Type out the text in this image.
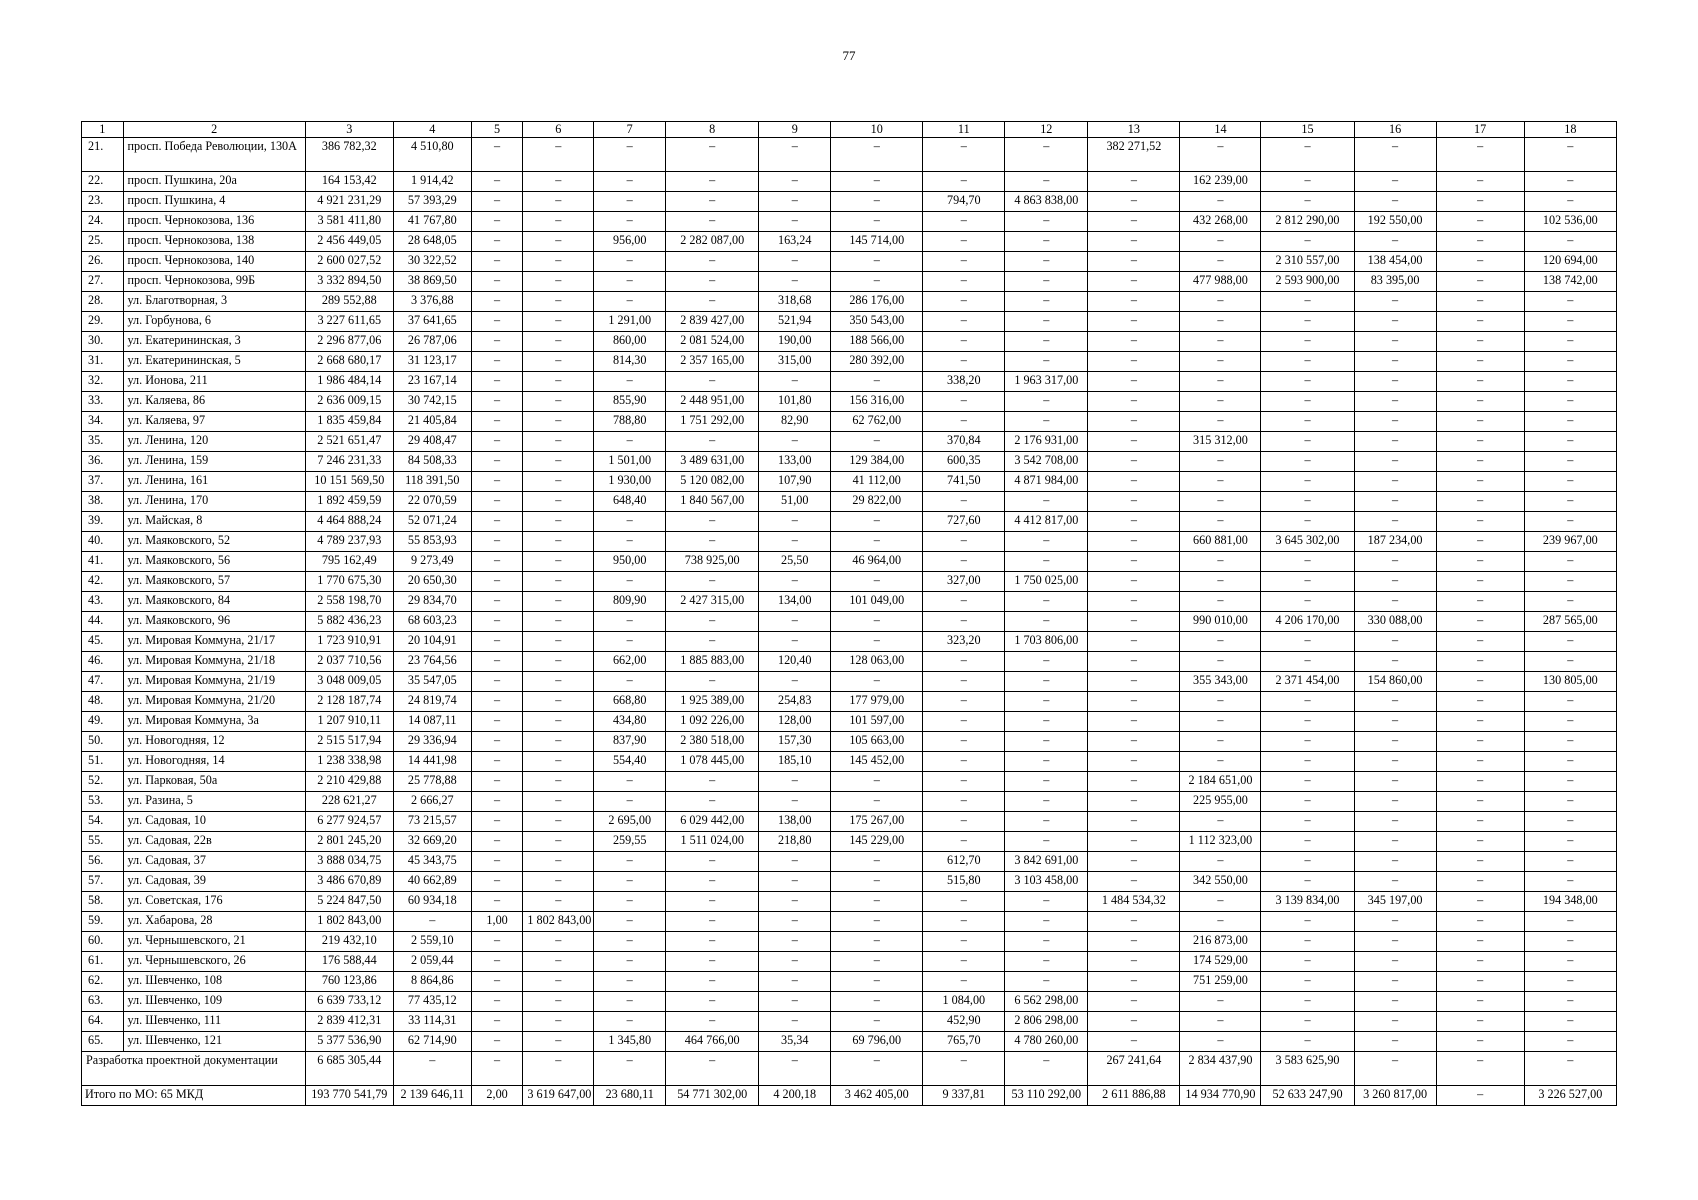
77
1	2	3	4	5	6	7	8	9	10	11	12	13	14	15	16	17	18
21.	просп. Победа Революции, 130А	386 782,32	4 510,80	–	–	–	–	–	–	–	–	382 271,52	–	–	–	–	–
22.	просп. Пушкина, 20а	164 153,42	1 914,42	–	–	–	–	–	–	–	–	–	162 239,00	–	–	–	–
23.	просп. Пушкина, 4	4 921 231,29	57 393,29	–	–	–	–	–	–	794,70	4 863 838,00	–	–	–	–	–	–
24.	просп. Чернокозова, 136	3 581 411,80	41 767,80	–	–	–	–	–	–	–	–	–	432 268,00	2 812 290,00	192 550,00	–	102 536,00
25.	просп. Чернокозова, 138	2 456 449,05	28 648,05	–	–	956,00	2 282 087,00	163,24	145 714,00	–	–	–	–	–	–	–	–
26.	просп. Чернокозова, 140	2 600 027,52	30 322,52	–	–	–	–	–	–	–	–	–	–	2 310 557,00	138 454,00	–	120 694,00
27.	просп. Чернокозова, 99Б	3 332 894,50	38 869,50	–	–	–	–	–	–	–	–	–	477 988,00	2 593 900,00	83 395,00	–	138 742,00
28.	ул. Благотворная, 3	289 552,88	3 376,88	–	–	–	–	318,68	286 176,00	–	–	–	–	–	–	–	–
29.	ул. Горбунова, 6	3 227 611,65	37 641,65	–	–	1 291,00	2 839 427,00	521,94	350 543,00	–	–	–	–	–	–	–	–
30.	ул. Екатерининская, 3	2 296 877,06	26 787,06	–	–	860,00	2 081 524,00	190,00	188 566,00	–	–	–	–	–	–	–	–
31.	ул. Екатерининская, 5	2 668 680,17	31 123,17	–	–	814,30	2 357 165,00	315,00	280 392,00	–	–	–	–	–	–	–	–
32.	ул. Ионова, 211	1 986 484,14	23 167,14	–	–	–	–	–	–	338,20	1 963 317,00	–	–	–	–	–	–
33.	ул. Каляева, 86	2 636 009,15	30 742,15	–	–	855,90	2 448 951,00	101,80	156 316,00	–	–	–	–	–	–	–	–
34.	ул. Каляева, 97	1 835 459,84	21 405,84	–	–	788,80	1 751 292,00	82,90	62 762,00	–	–	–	–	–	–	–	–
35.	ул. Ленина, 120	2 521 651,47	29 408,47	–	–	–	–	–	–	370,84	2 176 931,00	–	315 312,00	–	–	–	–
36.	ул. Ленина, 159	7 246 231,33	84 508,33	–	–	1 501,00	3 489 631,00	133,00	129 384,00	600,35	3 542 708,00	–	–	–	–	–	–
37.	ул. Ленина, 161	10 151 569,50	118 391,50	–	–	1 930,00	5 120 082,00	107,90	41 112,00	741,50	4 871 984,00	–	–	–	–	–	–
38.	ул. Ленина, 170	1 892 459,59	22 070,59	–	–	648,40	1 840 567,00	51,00	29 822,00	–	–	–	–	–	–	–	–
39.	ул. Майская, 8	4 464 888,24	52 071,24	–	–	–	–	–	–	727,60	4 412 817,00	–	–	–	–	–	–
40.	ул. Маяковского, 52	4 789 237,93	55 853,93	–	–	–	–	–	–	–	–	–	660 881,00	3 645 302,00	187 234,00	–	239 967,00
41.	ул. Маяковского, 56	795 162,49	9 273,49	–	–	950,00	738 925,00	25,50	46 964,00	–	–	–	–	–	–	–	–
42.	ул. Маяковского, 57	1 770 675,30	20 650,30	–	–	–	–	–	–	327,00	1 750 025,00	–	–	–	–	–	–
43.	ул. Маяковского, 84	2 558 198,70	29 834,70	–	–	809,90	2 427 315,00	134,00	101 049,00	–	–	–	–	–	–	–	–
44.	ул. Маяковского, 96	5 882 436,23	68 603,23	–	–	–	–	–	–	–	–	–	990 010,00	4 206 170,00	330 088,00	–	287 565,00
45.	ул. Мировая Коммуна, 21/17	1 723 910,91	20 104,91	–	–	–	–	–	–	323,20	1 703 806,00	–	–	–	–	–	–
46.	ул. Мировая Коммуна, 21/18	2 037 710,56	23 764,56	–	–	662,00	1 885 883,00	120,40	128 063,00	–	–	–	–	–	–	–	–
47.	ул. Мировая Коммуна, 21/19	3 048 009,05	35 547,05	–	–	–	–	–	–	–	–	–	355 343,00	2 371 454,00	154 860,00	–	130 805,00
48.	ул. Мировая Коммуна, 21/20	2 128 187,74	24 819,74	–	–	668,80	1 925 389,00	254,83	177 979,00	–	–	–	–	–	–	–	–
49.	ул. Мировая Коммуна, 3а	1 207 910,11	14 087,11	–	–	434,80	1 092 226,00	128,00	101 597,00	–	–	–	–	–	–	–	–
50.	ул. Новогодняя, 12	2 515 517,94	29 336,94	–	–	837,90	2 380 518,00	157,30	105 663,00	–	–	–	–	–	–	–	–
51.	ул. Новогодняя, 14	1 238 338,98	14 441,98	–	–	554,40	1 078 445,00	185,10	145 452,00	–	–	–	–	–	–	–	–
52.	ул. Парковая, 50а	2 210 429,88	25 778,88	–	–	–	–	–	–	–	–	–	2 184 651,00	–	–	–	–
53.	ул. Разина, 5	228 621,27	2 666,27	–	–	–	–	–	–	–	–	–	225 955,00	–	–	–	–
54.	ул. Садовая, 10	6 277 924,57	73 215,57	–	–	2 695,00	6 029 442,00	138,00	175 267,00	–	–	–	–	–	–	–	–
55.	ул. Садовая, 22в	2 801 245,20	32 669,20	–	–	259,55	1 511 024,00	218,80	145 229,00	–	–	–	1 112 323,00	–	–	–	–
56.	ул. Садовая, 37	3 888 034,75	45 343,75	–	–	–	–	–	–	612,70	3 842 691,00	–	–	–	–	–	–
57.	ул. Садовая, 39	3 486 670,89	40 662,89	–	–	–	–	–	–	515,80	3 103 458,00	–	342 550,00	–	–	–	–
58.	ул. Советская, 176	5 224 847,50	60 934,18	–	–	–	–	–	–	–	–	1 484 534,32	–	3 139 834,00	345 197,00	–	194 348,00
59.	ул. Хабарова, 28	1 802 843,00	–	1,00	1 802 843,00	–	–	–	–	–	–	–	–	–	–	–	–
60.	ул. Чернышевского, 21	219 432,10	2 559,10	–	–	–	–	–	–	–	–	–	216 873,00	–	–	–	–
61.	ул. Чернышевского, 26	176 588,44	2 059,44	–	–	–	–	–	–	–	–	–	174 529,00	–	–	–	–
62.	ул. Шевченко, 108	760 123,86	8 864,86	–	–	–	–	–	–	–	–	–	751 259,00	–	–	–	–
63.	ул. Шевченко, 109	6 639 733,12	77 435,12	–	–	–	–	–	–	1 084,00	6 562 298,00	–	–	–	–	–	–
64.	ул. Шевченко, 111	2 839 412,31	33 114,31	–	–	–	–	–	–	452,90	2 806 298,00	–	–	–	–	–	–
65.	ул. Шевченко, 121	5 377 536,90	62 714,90	–	–	1 345,80	464 766,00	35,34	69 796,00	765,70	4 780 260,00	–	–	–	–	–	–
Разработка проектной документации		6 685 305,44	–	–	–	–	–	–	–	–	–	267 241,64	2 834 437,90	3 583 625,90	–	–	–
Итого по МО: 65 МКД		193 770 541,79	2 139 646,11	2,00	3 619 647,00	23 680,11	54 771 302,00	4 200,18	3 462 405,00	9 337,81	53 110 292,00	2 611 886,88	14 934 770,90	52 633 247,90	3 260 817,00	–	3 226 527,00
